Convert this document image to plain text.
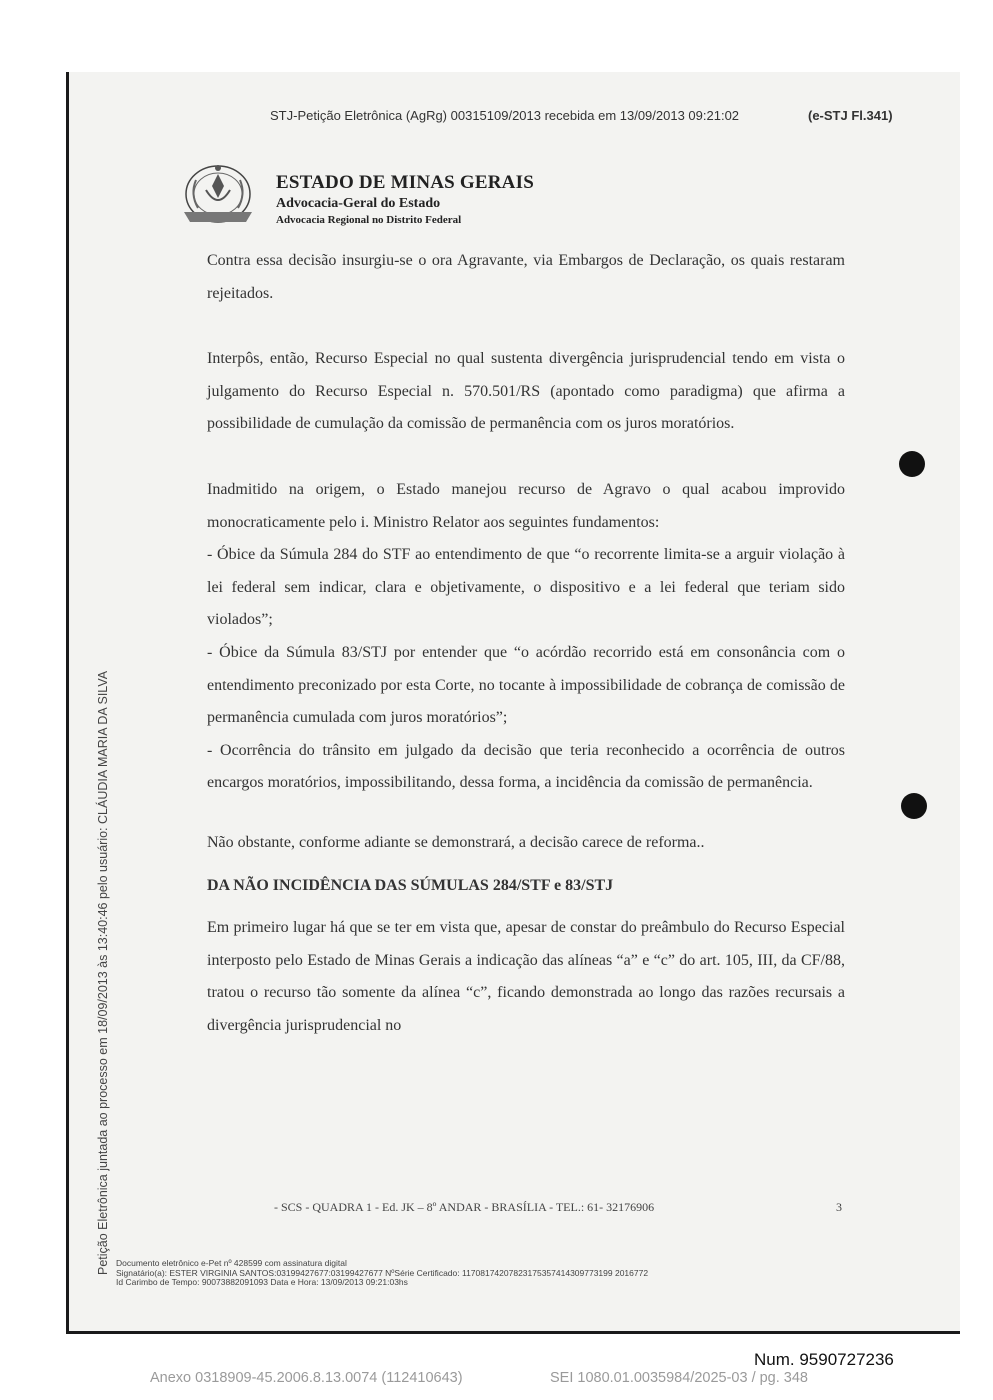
STJ-Petição Eletrônica (AgRg) 00315109/2013 recebida em 13/09/2013 09:21:02	(e-STJ Fl.341)
ESTADO DE MINAS GERAIS
Advocacia-Geral do Estado
Advocacia Regional no Distrito Federal

Contra essa decisão insurgiu-se o ora Agravante, via Embargos de Declaração, os quais restaram rejeitados.

Interpôs, então, Recurso Especial no qual sustenta divergência jurisprudencial tendo em vista o julgamento do Recurso Especial n. 570.501/RS (apontado como paradigma) que afirma a possibilidade de cumulação da comissão de permanência com os juros moratórios.

Inadmitido na origem, o Estado manejou recurso de Agravo o qual acabou improvido monocraticamente pelo i. Ministro Relator aos seguintes fundamentos:

- Óbice da Súmula 284 do STF ao entendimento de que “o recorrente limita-se a arguir violação à lei federal sem indicar, clara e objetivamente, o dispositivo e a lei federal que teriam sido violados”;

- Óbice da Súmula 83/STJ por entender que “o acórdão recorrido está em consonância com o entendimento preconizado por esta Corte, no tocante à impossibilidade de cobrança de comissão de permanência cumulada com juros moratórios”;

- Ocorrência do trânsito em julgado da decisão que teria reconhecido a ocorrência de outros encargos moratórios, impossibilitando, dessa forma, a incidência da comissão de permanência.

Não obstante, conforme adiante se demonstrará, a decisão carece de reforma..

DA NÃO INCIDÊNCIA DAS SÚMULAS 284/STF e 83/STJ

Em primeiro lugar há que se ter em vista que, apesar de constar do preâmbulo do Recurso Especial interposto pelo Estado de Minas Gerais a indicação das alíneas “a” e “c” do art. 105, III, da CF/88, tratou o recurso tão somente da alínea “c”, ficando demonstrada ao longo das razões recursais a divergência jurisprudencial no

- SCS - QUADRA 1 - Ed. JK – 8º ANDAR - BRASÍLIA - TEL.: 61- 32176906	3
Petição Eletrônica juntada ao processo em 18/09/2013 às 13:40:46 pelo usuário: CLÁUDIA MARIA DA SILVA Documento eletrônico e-Pet nº 428599 com assinatura digital
Signatário(a): ESTER VIRGINIA SANTOS:03199427677:03199427677 NºSérie Certificado: 11708174207823175357414309773199 2016772
Id Carimbo de Tempo: 90073882091093 Data e Hora: 13/09/2013 09:21:03hs
Num. 9590727236
Anexo 0318909-45.2006.8.13.0074 (112410643)	SEI 1080.01.0035984/2025-03 / pg. 348
